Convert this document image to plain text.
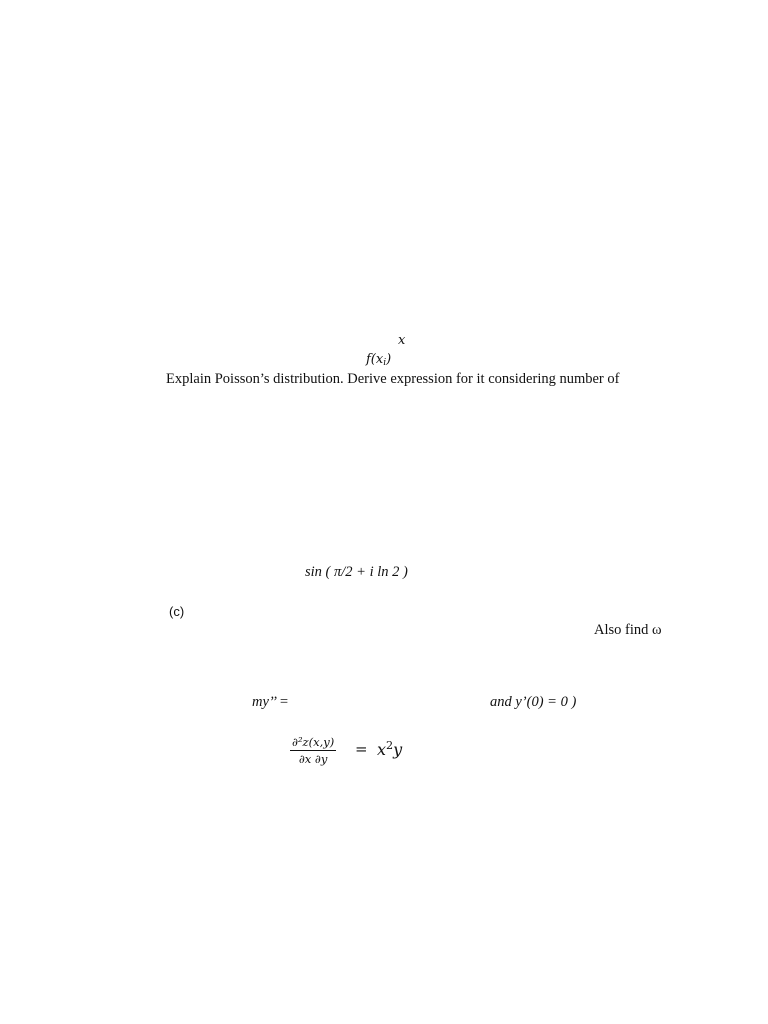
x
$f(x_i)$
Explain Poisson’s distribution. Derive expression for it considering number of
sin ( π/2 + i ln 2 )
(c)
Also find ω
my’’ =	and y’(0) = 0 )
∂²z(x,y)
∂x ∂y
= $x^2y$
